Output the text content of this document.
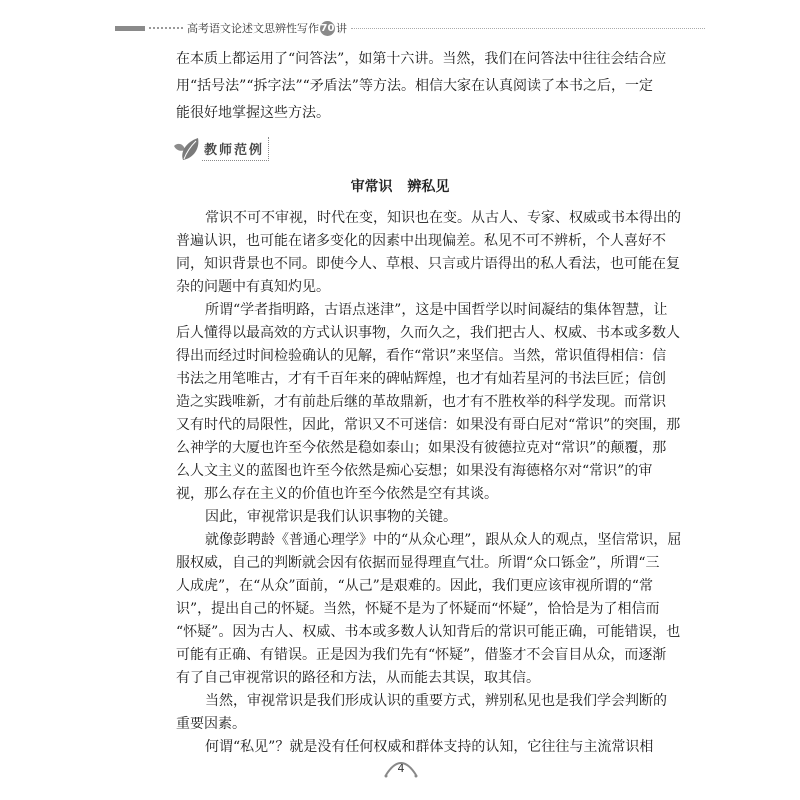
高考语文论述文思辨性写作 70 讲
在本质上都运用了“问答法”，如第十六讲。当然，我们在问答法中往往会结合应
用“括号法”“拆字法”“矛盾法”等方法。相信大家在认真阅读了本书之后，一定
能很好地掌握这些方法。
教师范例
审常识 辨私见
常识不可不审视，时代在变，知识也在变。从古人、专家、权威或书本得出的
普遍认识，也可能在诸多变化的因素中出现偏差。私见不可不辨析，个人喜好不
同，知识背景也不同。即使今人、草根、只言或片语得出的私人看法，也可能在复
杂的问题中有真知灼见。
所谓“学者指明路，古语点迷津”，这是中国哲学以时间凝结的集体智慧，让
后人懂得以最高效的方式认识事物，久而久之，我们把古人、权威、书本或多数人
得出而经过时间检验确认的见解，看作“常识”来坚信。当然，常识值得相信：信
书法之用笔唯古，才有千百年来的碑帖辉煌，也才有灿若星河的书法巨匠；信创
造之实践唯新，才有前赴后继的革故鼎新，也才有不胜枚举的科学发现。而常识
又有时代的局限性，因此，常识又不可迷信：如果没有哥白尼对“常识”的突围，那
么神学的大厦也许至今依然是稳如泰山；如果没有彼德拉克对“常识”的颠覆，那
么人文主义的蓝图也许至今依然是痴心妄想；如果没有海德格尔对“常识”的审
视，那么存在主义的价值也许至今依然是空有其谈。
因此，审视常识是我们认识事物的关键。
就像彭聘龄《普通心理学》中的“从众心理”，跟从众人的观点，坚信常识，屈
服权威，自己的判断就会因有依据而显得理直气壮。所谓“众口铄金”，所谓“三
人成虎”，在“从众”面前，“从己”是艰难的。因此，我们更应该审视所谓的“常
识”，提出自己的怀疑。当然，怀疑不是为了怀疑而“怀疑”，恰恰是为了相信而
“怀疑”。因为古人、权威、书本或多数人认知背后的常识可能正确，可能错误，也
可能有正确、有错误。正是因为我们先有“怀疑”，借鉴才不会盲目从众，而逐渐
有了自己审视常识的路径和方法，从而能去其误，取其信。
当然，审视常识是我们形成认识的重要方式，辨别私见也是我们学会判断的
重要因素。
何谓“私见”？就是没有任何权威和群体支持的认知，它往往与主流常识相
4
